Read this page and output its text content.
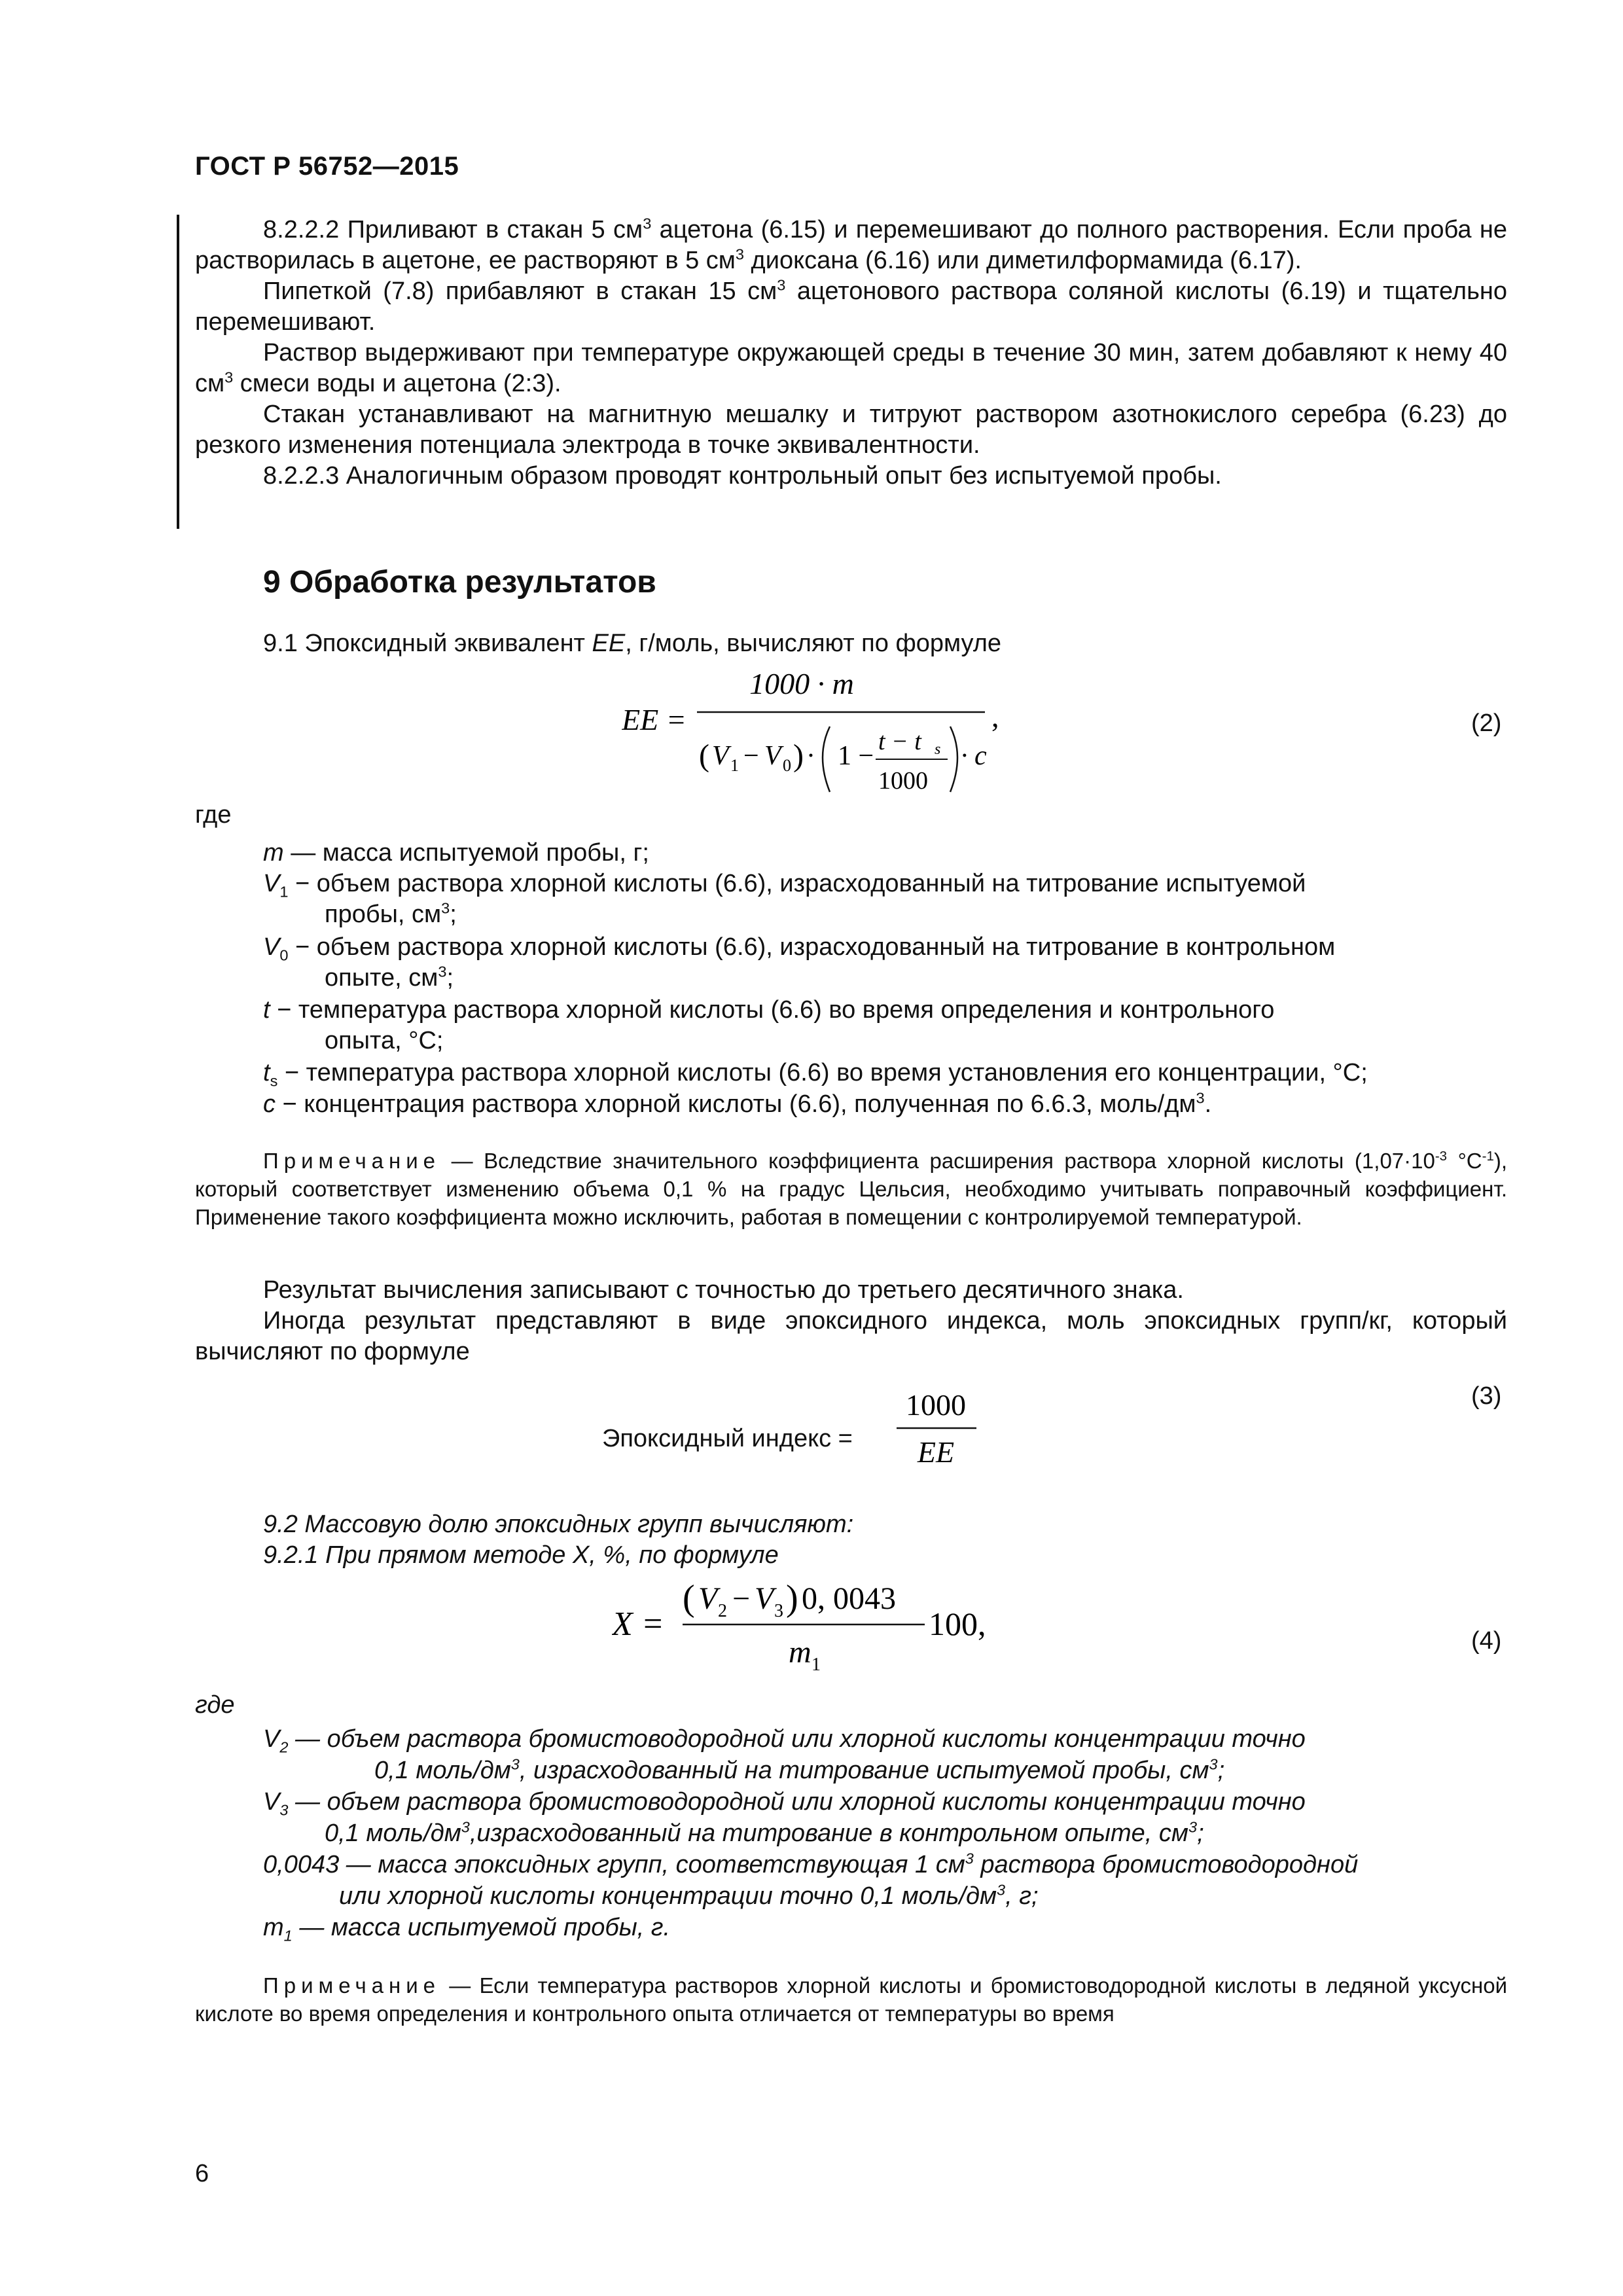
ГОСТ Р 56752—2015

8.2.2.2 Приливают в стакан 5 $см^3$ ацетона (6.15) и перемешивают до полного растворения. Если проба не растворилась в ацетоне, ее растворяют в 5 $см^3$ диоксана (6.16) или диметилформамида (6.17).

Пипеткой (7.8) прибавляют в стакан 15 $см^3$ ацетонового раствора соляной кислоты (6.19) и тщательно перемешивают.

Раствор выдерживают при температуре окружающей среды в течение 30 мин, затем добавляют к нему 40 $см^3$ смеси воды и ацетона (2:3).

Стакан устанавливают на магнитную мешалку и титруют раствором азотнокислого серебра (6.23) до резкого изменения потенциала электрода в точке эквивалентности.

8.2.2.3 Аналогичным образом проводят контрольный опыт без испытуемой пробы.

9 Обработка результатов
9.1 Эпоксидный эквивалент EE, г/моль, вычисляют по формуле
EE =
1000 · m
( V 1 − V 0 ) · 1 − t − t s
1000
· c
,	(2)
где
m — масса испытуемой пробы, г;
$V_1$ − объем раствора хлорной кислоты (6.6), израсходованный на титрование испытуемой
пробы, $см^3$;
$V_0$ − объем раствора хлорной кислоты (6.6), израсходованный на титрование в контрольном
опыте, $см^3$;
t − температура раствора хлорной кислоты (6.6) во время определения и контрольного
опыта, °С;
$t_s$ − температура раствора хлорной кислоты (6.6) во время установления его концентрации, °С;
c − концентрация раствора хлорной кислоты (6.6), полученная по 6.6.3, моль/$дм^3$.

Примечание — Вследствие значительного коэффициента расширения раствора хлорной кислоты ($1,07\cdot 10^{-3}$ $^\circ С^{-1}$), который соответствует изменению объема 0,1 % на градус Цельсия, необходимо учитывать поправочный коэффициент. Применение такого коэффициента можно исключить, работая в помещении с контролируемой температурой.

Результат вычисления записывают с точностью до третьего десятичного знака.

Иногда результат представляют в виде эпоксидного индекса, моль эпоксидных групп/кг, который вычисляют по формуле

Эпоксидный индекс =
1000
EE
(3)
9.2 Массовую долю эпоксидных групп вычисляют:
9.2.1 При прямом методе X, %, по формуле
X =
( V 2 − V 3 ) 0, 0043
m 1
100,	(4)
где
$V_2$ — объем раствора бромистоводородной или хлорной кислоты концентрации точно
0,1 моль/$дм^3$, израсходованный на титрование испытуемой пробы, $см^3$;
$V_3$ — объем раствора бромистоводородной или хлорной кислоты концентрации точно
0,1 моль/$дм^3,израсходованный$ на титрование в контрольном опыте, $см^3$;
0,0043 — масса эпоксидных групп, соответствующая 1 $см^3$ раствора бромистоводородной
или хлорной кислоты концентрации точно 0,1 моль/$дм^3$, г;
$m_1$ — масса испытуемой пробы, г.

Примечание — Если температура растворов хлорной кислоты и бромистоводородной кислоты в ледяной уксусной кислоте во время определения и контрольного опыта отличается от температуры во время

6
